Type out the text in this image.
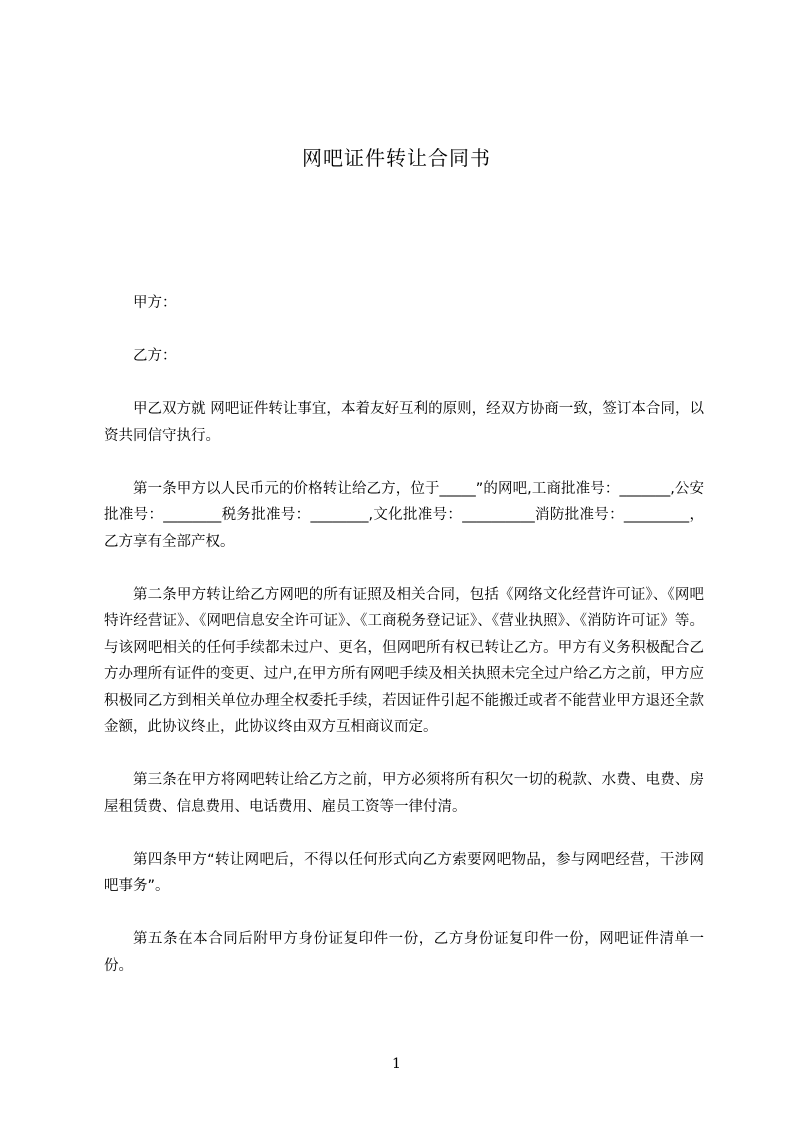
网吧证件转让合同书

甲方：

乙方：

甲乙双方就 网吧证件转让事宜，本着友好互利的原则，经双方协商一致，签订本合同，以资共同信守执行。

第一条甲方以人民币元的价格转让给乙方，位于_____”的网吧,工商批准号：_______,公安批准号：________税务批准号：________,文化批准号：__________消防批准号：_________，乙方享有全部产权。

第二条甲方转让给乙方网吧的所有证照及相关合同，包括《网络文化经营许可证》、《网吧特许经营证》、《网吧信息安全许可证》、《工商税务登记证》、《营业执照》、《消防许可证》等。与该网吧相关的任何手续都未过户、更名，但网吧所有权已转让乙方。甲方有义务积极配合乙方办理所有证件的变更、过户,在甲方所有网吧手续及相关执照未完全过户给乙方之前，甲方应积极同乙方到相关单位办理全权委托手续，若因证件引起不能搬迁或者不能营业甲方退还全款金额，此协议终止，此协议终由双方互相商议而定。

第三条在甲方将网吧转让给乙方之前，甲方必须将所有积欠一切的税款、水费、电费、房屋租赁费、信息费用、电话费用、雇员工资等一律付清。

第四条甲方“转让网吧后，不得以任何形式向乙方索要网吧物品，参与网吧经营，干涉网吧事务”。

第五条在本合同后附甲方身份证复印件一份，乙方身份证复印件一份，网吧证件清单一份。

1
